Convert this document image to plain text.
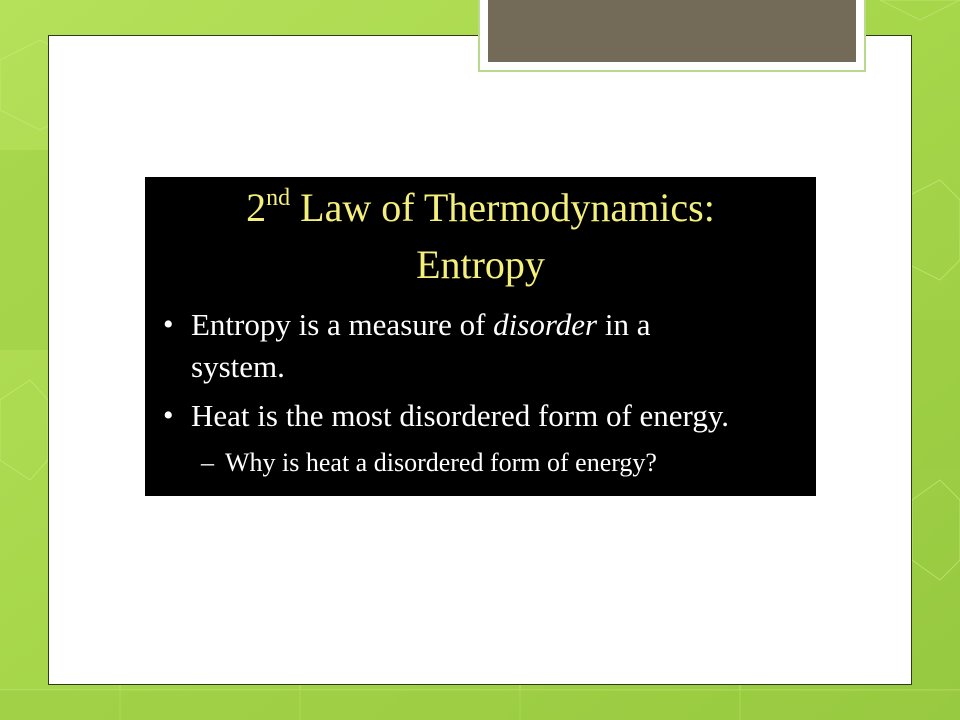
2nd Law of Thermodynamics:
Entropy
• Entropy is a measure of disorder in a
system.
• Heat is the most disordered form of energy.
– Why is heat a disordered form of energy?
